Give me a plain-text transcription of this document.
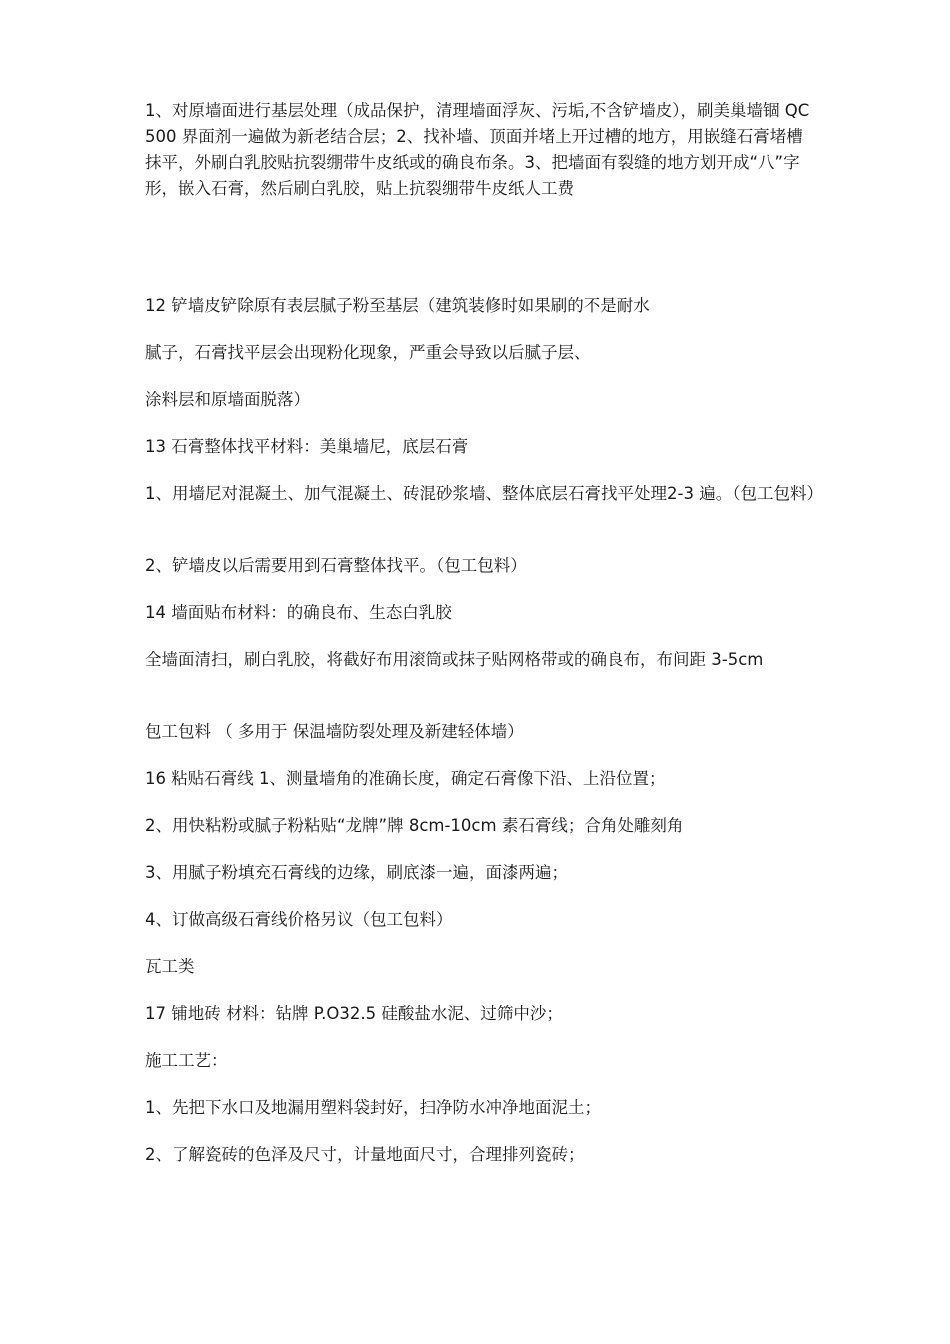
1、对原墙面进行基层处理（成品保护，清理墙面浮灰、污垢,不含铲墙皮），刷美巢墙锢 QC500 界面剂一遍做为新老结合层；2、找补墙、顶面并堵上开过槽的地方，用嵌缝石膏堵槽抹平，外刷白乳胶贴抗裂绷带牛皮纸或的确良布条。3、把墙面有裂缝的地方划开成“八”字形，嵌入石膏，然后刷白乳胶，贴上抗裂绷带牛皮纸人工费

12 铲墙皮铲除原有表层腻子粉至基层（建筑装修时如果刷的不是耐水

腻子，石膏找平层会出现粉化现象，严重会导致以后腻子层、

涂料层和原墙面脱落）

13 石膏整体找平材料：美巢墙尼，底层石膏

1、用墙尼对混凝土、加气混凝土、砖混砂浆墙、整体底层石膏找平处理2-3 遍。（包工包料）

2、铲墙皮以后需要用到石膏整体找平。（包工包料）

14 墙面贴布材料：的确良布、生态白乳胶

全墙面清扫，刷白乳胶，将截好布用滚筒或抹子贴网格带或的确良布，布间距 3-5cm

包工包料 （ 多用于 保温墙防裂处理及新建轻体墙）

16 粘贴石膏线 1、测量墙角的准确长度，确定石膏像下沿、上沿位置；

2、用快粘粉或腻子粉粘贴“龙牌”牌 8cm-10cm 素石膏线；合角处雕刻角

3、用腻子粉填充石膏线的边缘，刷底漆一遍，面漆两遍；

4、订做高级石膏线价格另议（包工包料）

瓦工类

17 铺地砖 材料：钻牌 P.O32.5 硅酸盐水泥、过筛中沙；

施工工艺：

1、先把下水口及地漏用塑料袋封好，扫净防水冲净地面泥土；

2、了解瓷砖的色泽及尺寸，计量地面尺寸，合理排列瓷砖；
